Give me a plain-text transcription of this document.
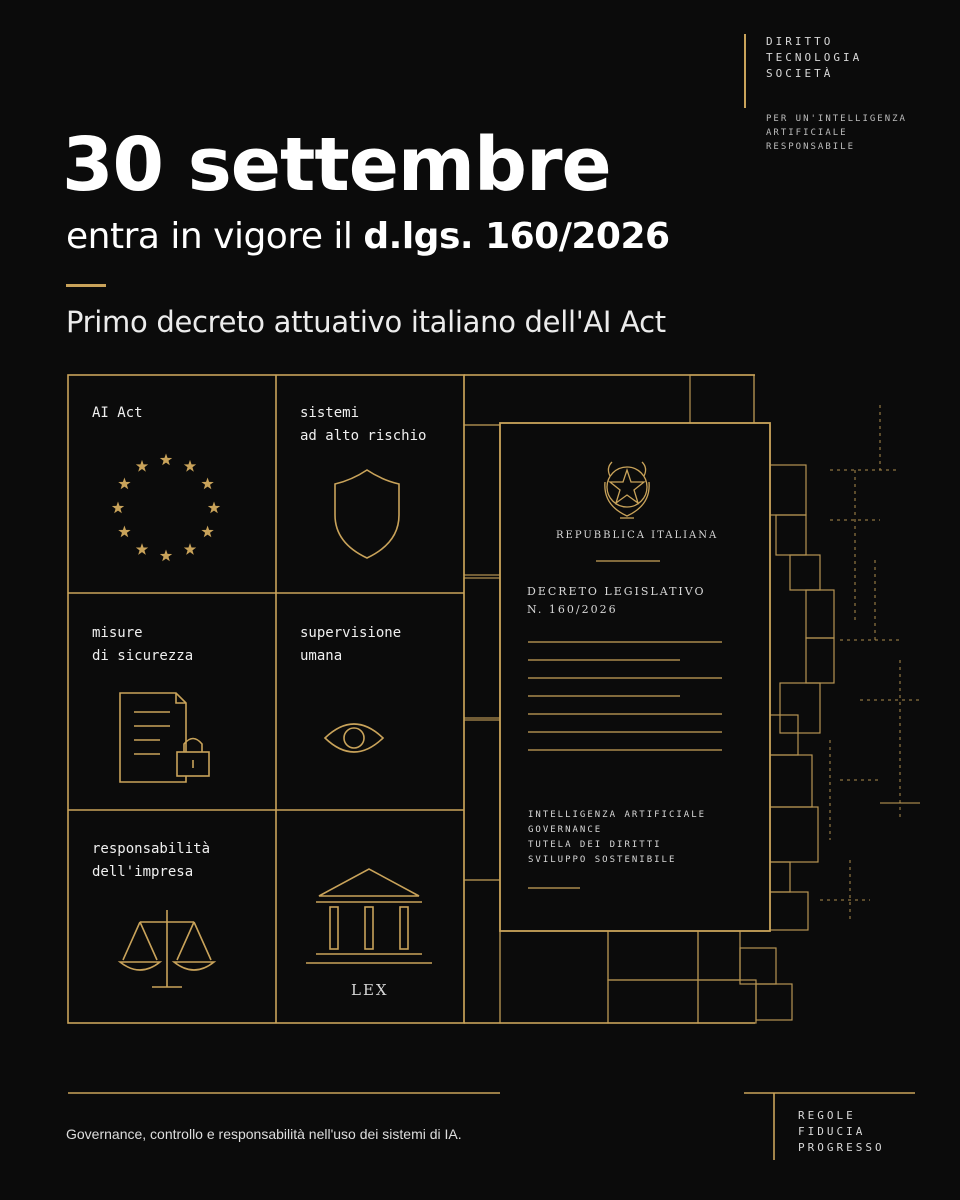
DIRITTO
TECNOLOGIA
SOCIETÀ
PER UN'INTELLIGENZA
ARTIFICIALE
RESPONSABILE
30 settembre
entra in vigore il d.lgs. 160/2026
Primo decreto attuativo italiano dell'AI Act
AI Act	sistemi
ad alto rischio
misure
di sicurezza
supervisione
umana
responsabilità
dell'impresa
LEX
REPUBBLICA ITALIANA
DECRETO LEGISLATIVO
N. 160/2026
INTELLIGENZA ARTIFICIALE
GOVERNANCE
TUTELA DEI DIRITTI
SVILUPPO SOSTENIBILE
Governance, controllo e responsabilità nell'uso dei sistemi di IA.
REGOLE
FIDUCIA
PROGRESSO
